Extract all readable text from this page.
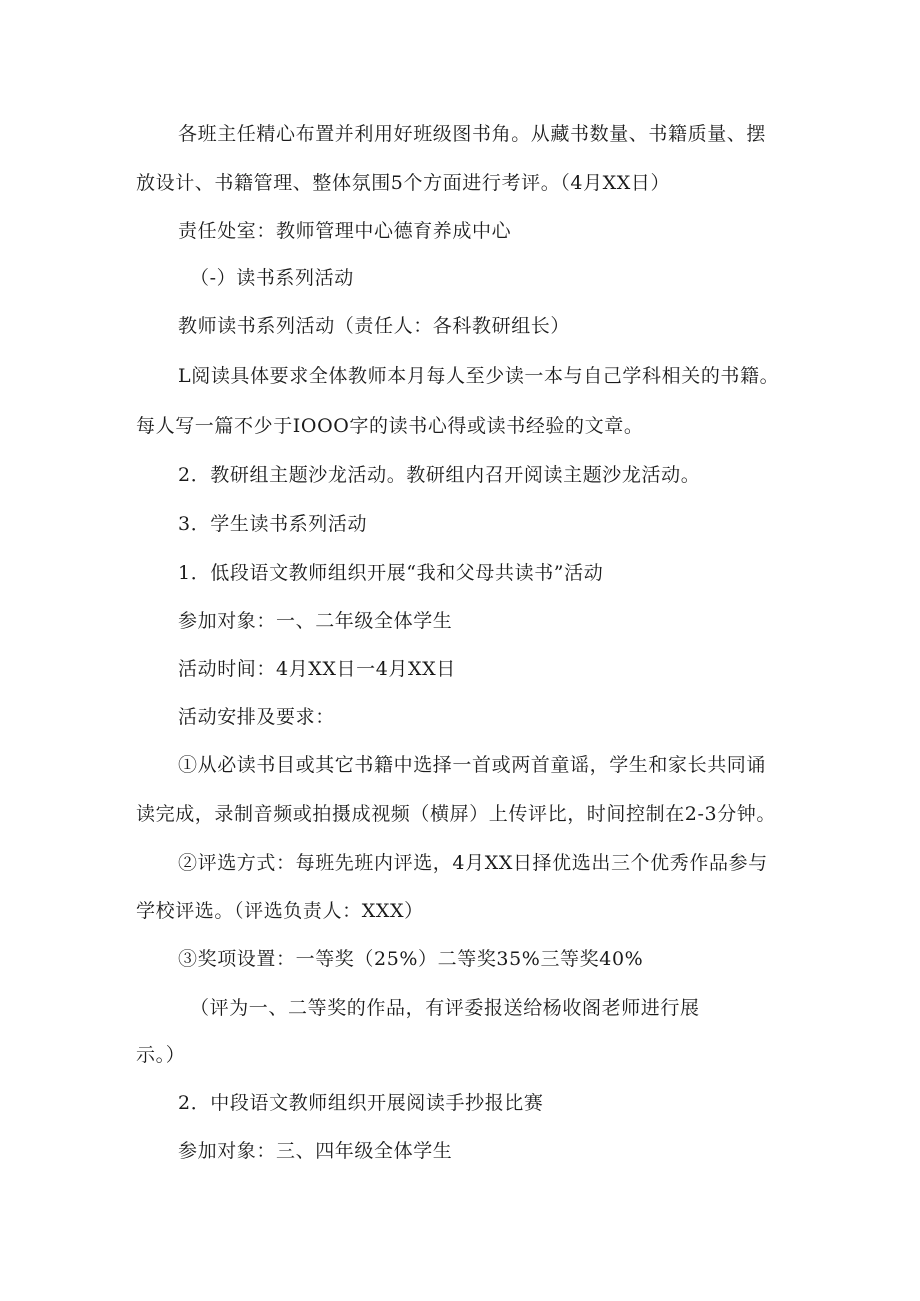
各班主任精心布置并利用好班级图书角。从藏书数量、书籍质量、摆
放设计、书籍管理、整体氛围5个方面进行考评。（4月XX日）
责任处室：教师管理中心德育养成中心
（-）读书系列活动
教师读书系列活动（责任人：各科教研组长）
L阅读具体要求全体教师本月每人至少读一本与自己学科相关的书籍。
每人写一篇不少于IOOO字的读书心得或读书经验的文章。
2．教研组主题沙龙活动。教研组内召开阅读主题沙龙活动。
3．学生读书系列活动
1．低段语文教师组织开展“我和父母共读书”活动
参加对象：一、二年级全体学生
活动时间：4月XX日一4月XX日
活动安排及要求：
①从必读书目或其它书籍中选择一首或两首童谣，学生和家长共同诵
读完成，录制音频或拍摄成视频（横屏）上传评比，时间控制在2-3分钟。
②评选方式：每班先班内评选，4月XX日择优选出三个优秀作品参与
学校评选。（评选负责人：XXX）
③奖项设置：一等奖（25%）二等奖35%三等奖40%
（评为一、二等奖的作品，有评委报送给杨收阁老师进行展
示。）
2．中段语文教师组织开展阅读手抄报比赛
参加对象：三、四年级全体学生
